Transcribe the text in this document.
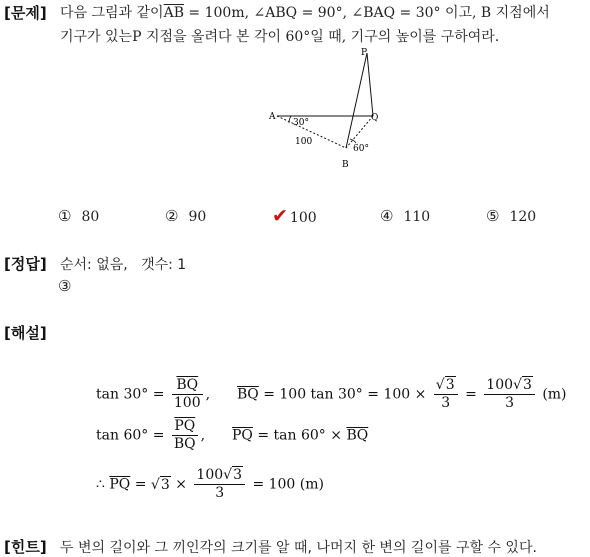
[문제] 다음 그림과 같이$\overline{AB} = 100m$, ∠ABQ = 90°, ∠BAQ = 30° 이고, B 지점에서
기구가 있는P 지점을 올려다 본 각이 60°일 때, 기구의 높이를 구하여라.
P
A	Q
B
30°
60°
100
① 80	② 90	✔ 100	④ 110	⑤ 120
[정답] 순서: 없음,   갯수: 1
③
[해설]
$\tan 30^\circ = \frac{\overline{BQ}}{100}$ ,  $\overline{BQ} = 100$ $\tan 30^\circ = 100 \times \frac{√3}{3} = \frac{100√3}{3} (m)$
$\tan 60^\circ = \frac{\overline{PQ}}{BQ}$ ,  $\overline{PQ} = \tan 60^\circ \times \overline{BQ}$
∴ $\overline{PQ} = √3 \times \frac{100√3}{3} = 100$ (m)
[힌트] 두 변의 길이와 그 끼인각의 크기를 알 때, 나머지 한 변의 길이를 구할 수 있다.
